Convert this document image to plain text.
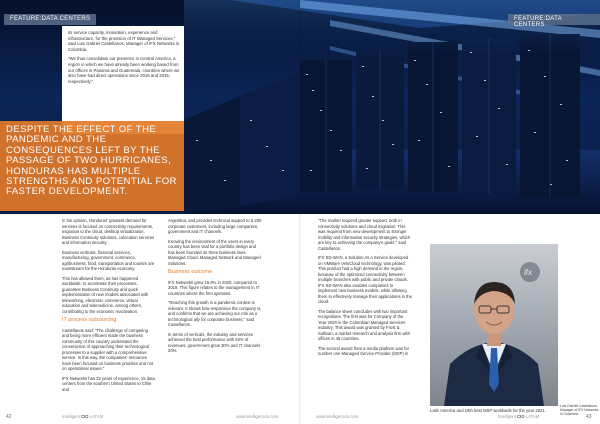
FEATURE:DATA CENTERS	FEATURE:DATA CENTERS

its service capacity, innovation, experience and infrastructure, for the provision of IT Managed Services," said Luis Gabriel Castellanos, Manager of IFX Networks in Colombia.

"We thus consolidate our presence in Central America, a region in which we have already been working based from our offices in Panama and Guatemala, countries where we also have had direct operations since 2016 and 2015, respectively."

DESPITE THE EFFECT OF THE PANDEMIC AND THE CONSEQUENCES LEFT BY THE PASSAGE OF TWO HURRICANES, HONDURAS HAS MULTIPLE STRENGTHS AND POTENTIAL FOR FASTER DEVELOPMENT.

In his opinion, Honduras' greatest demand for services is focused on connectivity requirements, migration to the cloud, desktop virtualization, Business Continuity solutions, colocation services and information security.

Business verticals, financial services, manufacturing, government, commerce, agribusiness, food, transportation and tourism are mainstream for the Honduras economy.

This has allowed them, as has happened worldwide, to accelerate their processes, guarantee Business Continuity and quick implementation of new models associated with teleworking, electronic commerce, virtual education and telemedicine, among others, contributing to the economic reactivation.

IT process outsourcing

Castellanos said: "The challenge of competing and being more efficient made the business community of this country understand the convenience of approaching their technological processes to a supplier with a comprehensive service. In this way, the companies' resources have been focused on business priorities and not on operational issues."

IFX Networks has 22 years of experience, 15 data centers from the southern United States to Chile and

Argentina, and provides technical support to 5,200 corporate customers, including large companies, government and IT channels.

Knowing the environment of the users in every country has been vital for a portfolio design and has been founded on three business lines: Managed Cloud, Managed Network and Managed Solutions.

Business outcome

IFX Networks grew 15.6% in 2020, compared to 2019. This figure relates to the management in IT countries where the firm operates.

"Reaching this growth in a pandemic context is relevant. It shows how responsive the company is, and confirms that we are achieving our role as a technological ally for corporate business," said Castellanos.

In terms of verticals, the industry and services achieved the best performance with 50% of revenues; government grew 30% and IT channels 20%.

"The market required greater support, both in connectivity solutions and cloud migration. This was required from new development to stronger mobility and information security strategies, which are key to achieving the company's goals," said Castellanos.

IFX SD-WAN, a Solution As A Service developed on VMWare VeloCloud technology, was piloted. This product had a high demand in the region, because of the optimized connectivity between multiple branches with public and private clouds. IFX SD-WAN also enables companies to implement new business models, while allowing them to effectively manage their applications in the cloud.

The balance sheet concludes with two important recognitions. The first was for Company of the Year 2020 in the Colombian Managed Services Industry. This award was granted by Frost & Sullivan, a market research and analysis firm with offices in 45 countries.

The second award from a media platform was for number one Managed Service Provider (MSP) in

ifx
Latin America and 19th best MSP worldwide for the year 2021.
Luis Gabriel Castellanos, Manager of IFX Networks in Colombia
42	Intelligent CIO LATAM	www.intelligentcio.com	www.intelligentcio.com	Intelligent CIO LATAM	43
